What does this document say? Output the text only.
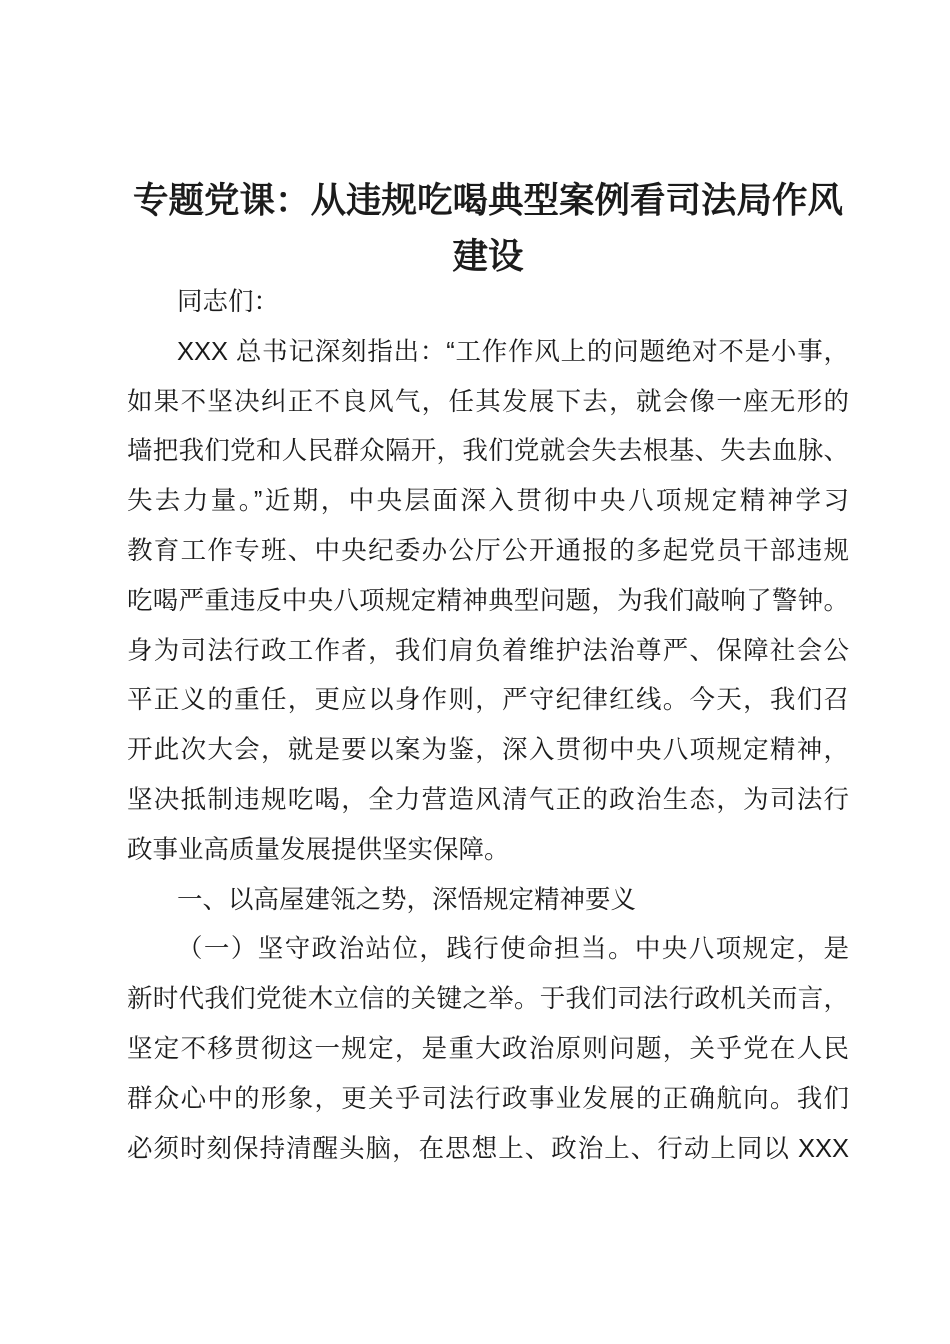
专题党课：从违规吃喝典型案例看司法局作风
建设
同志们：
XXX 总书记深刻指出：“工作作风上的问题绝对不是小事，
如果不坚决纠正不良风气，任其发展下去，就会像一座无形的
墙把我们党和人民群众隔开，我们党就会失去根基、失去血脉、
失去力量。”近期，中央层面深入贯彻中央八项规定精神学习
教育工作专班、中央纪委办公厅公开通报的多起党员干部违规
吃喝严重违反中央八项规定精神典型问题，为我们敲响了警钟。
身为司法行政工作者，我们肩负着维护法治尊严、保障社会公
平正义的重任，更应以身作则，严守纪律红线。今天，我们召
开此次大会，就是要以案为鉴，深入贯彻中央八项规定精神，
坚决抵制违规吃喝，全力营造风清气正的政治生态，为司法行
政事业高质量发展提供坚实保障。
一、以高屋建瓴之势，深悟规定精神要义
（一）坚守政治站位，践行使命担当。中央八项规定，是
新时代我们党徙木立信的关键之举。于我们司法行政机关而言，
坚定不移贯彻这一规定，是重大政治原则问题，关乎党在人民
群众心中的形象，更关乎司法行政事业发展的正确航向。我们
必须时刻保持清醒头脑，在思想上、政治上、行动上同以 XXX
